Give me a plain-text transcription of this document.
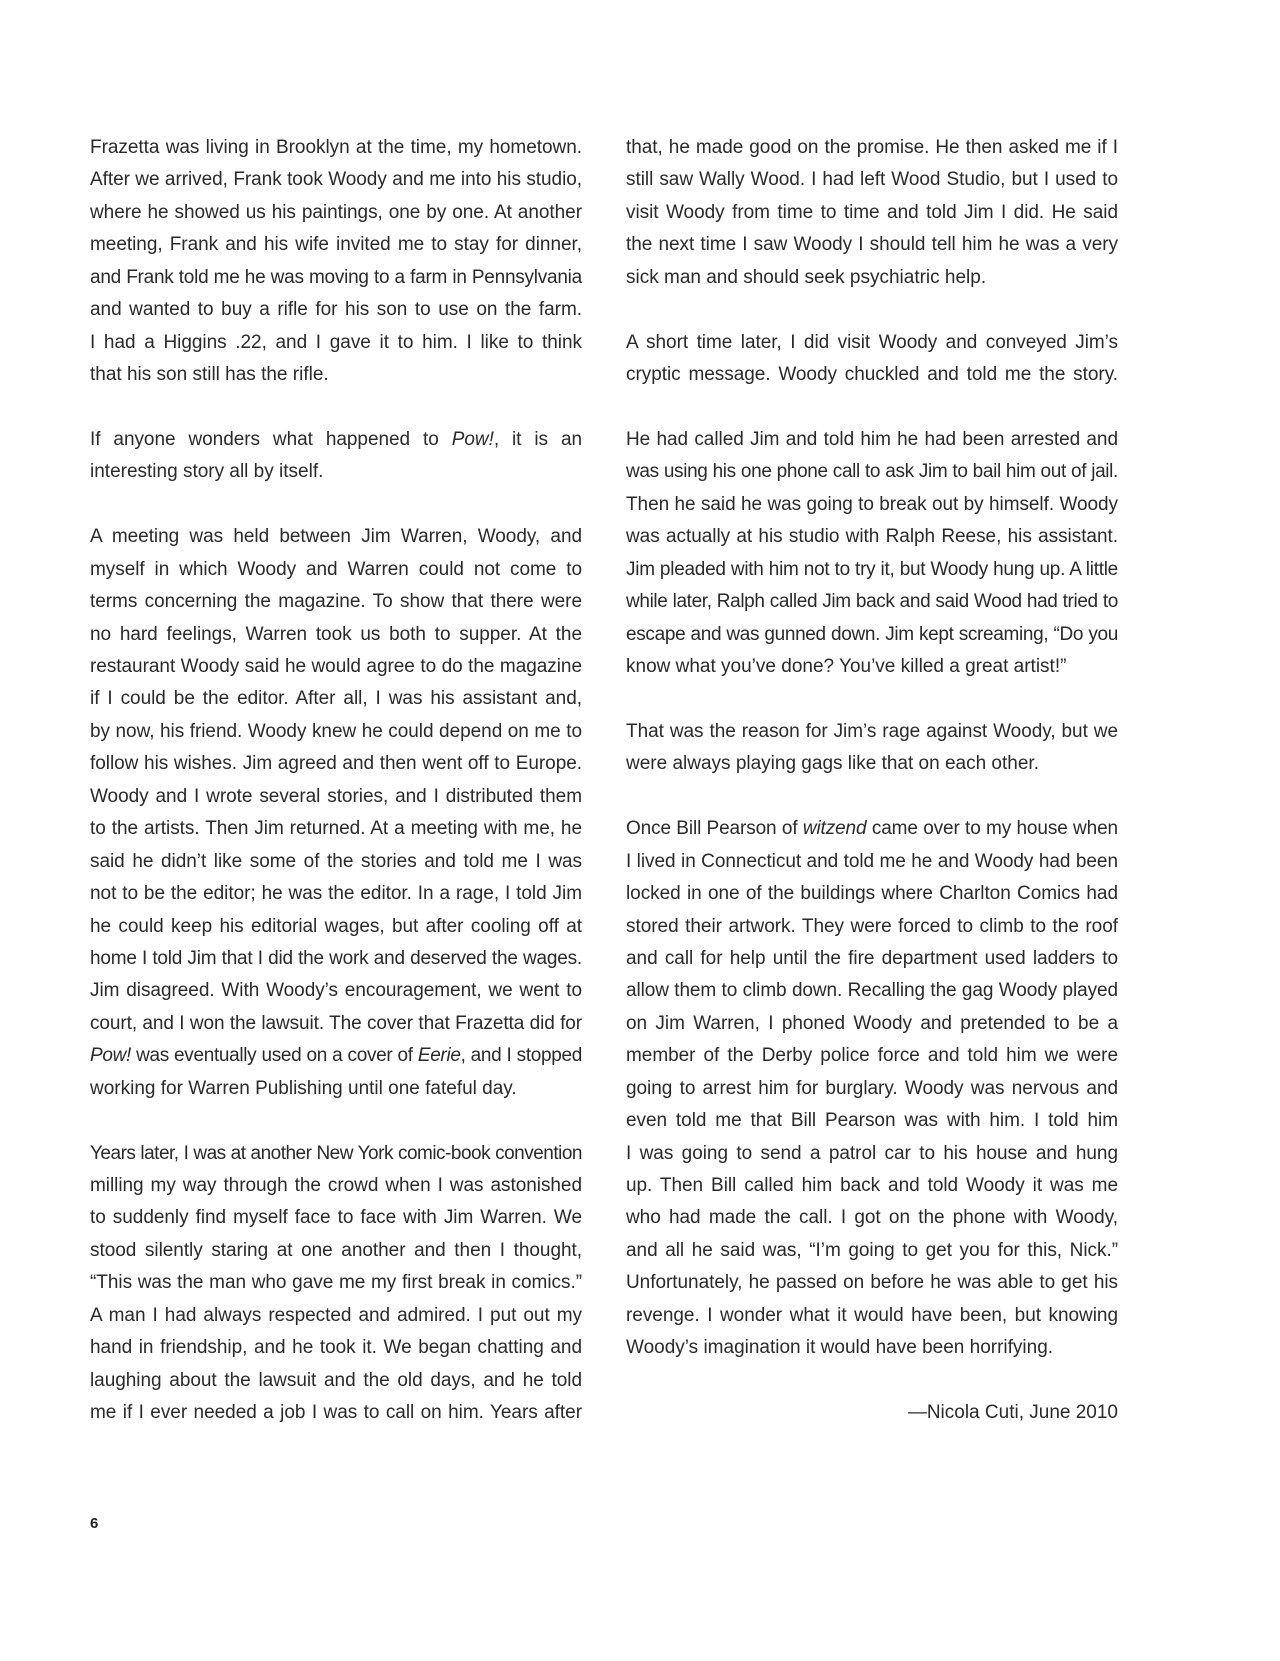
Frazetta was living in Brooklyn at the time, my hometown.
After we arrived, Frank took Woody and me into his studio,
where he showed us his paintings, one by one. At another
meeting, Frank and his wife invited me to stay for dinner,
and Frank told me he was moving to a farm in Pennsylvania
and wanted to buy a rifle for his son to use on the farm.
I had a Higgins .22, and I gave it to him. I like to think
that his son still has the rifle.
If anyone wonders what happened to Pow!, it is an
interesting story all by itself.
A meeting was held between Jim Warren, Woody, and
myself in which Woody and Warren could not come to
terms concerning the magazine. To show that there were
no hard feelings, Warren took us both to supper. At the
restaurant Woody said he would agree to do the magazine
if I could be the editor. After all, I was his assistant and,
by now, his friend. Woody knew he could depend on me to
follow his wishes. Jim agreed and then went off to Europe.
Woody and I wrote several stories, and I distributed them
to the artists. Then Jim returned. At a meeting with me, he
said he didn’t like some of the stories and told me I was
not to be the editor; he was the editor. In a rage, I told Jim
he could keep his editorial wages, but after cooling off at
home I told Jim that I did the work and deserved the wages.
Jim disagreed. With Woody’s encouragement, we went to
court, and I won the lawsuit. The cover that Frazetta did for
Pow! was eventually used on a cover of Eerie, and I stopped
working for Warren Publishing until one fateful day.
Years later, I was at another New York comic-book convention
milling my way through the crowd when I was astonished
to suddenly find myself face to face with Jim Warren. We
stood silently staring at one another and then I thought,
“This was the man who gave me my first break in comics.”
A man I had always respected and admired. I put out my
hand in friendship, and he took it. We began chatting and
laughing about the lawsuit and the old days, and he told
me if I ever needed a job I was to call on him. Years after
that, he made good on the promise. He then asked me if I
still saw Wally Wood. I had left Wood Studio, but I used to
visit Woody from time to time and told Jim I did. He said
the next time I saw Woody I should tell him he was a very
sick man and should seek psychiatric help.
A short time later, I did visit Woody and conveyed Jim’s
cryptic message. Woody chuckled and told me the story.
He had called Jim and told him he had been arrested and
was using his one phone call to ask Jim to bail him out of jail.
Then he said he was going to break out by himself. Woody
was actually at his studio with Ralph Reese, his assistant.
Jim pleaded with him not to try it, but Woody hung up. A little
while later, Ralph called Jim back and said Wood had tried to
escape and was gunned down. Jim kept screaming, “Do you
know what you’ve done? You’ve killed a great artist!”
That was the reason for Jim’s rage against Woody, but we
were always playing gags like that on each other.
Once Bill Pearson of witzend came over to my house when
I lived in Connecticut and told me he and Woody had been
locked in one of the buildings where Charlton Comics had
stored their artwork. They were forced to climb to the roof
and call for help until the fire department used ladders to
allow them to climb down. Recalling the gag Woody played
on Jim Warren, I phoned Woody and pretended to be a
member of the Derby police force and told him we were
going to arrest him for burglary. Woody was nervous and
even told me that Bill Pearson was with him. I told him
I was going to send a patrol car to his house and hung
up. Then Bill called him back and told Woody it was me
who had made the call. I got on the phone with Woody,
and all he said was, “I’m going to get you for this, Nick.”
Unfortunately, he passed on before he was able to get his
revenge. I wonder what it would have been, but knowing
Woody’s imagination it would have been horrifying.
—Nicola Cuti, June 2010
6
